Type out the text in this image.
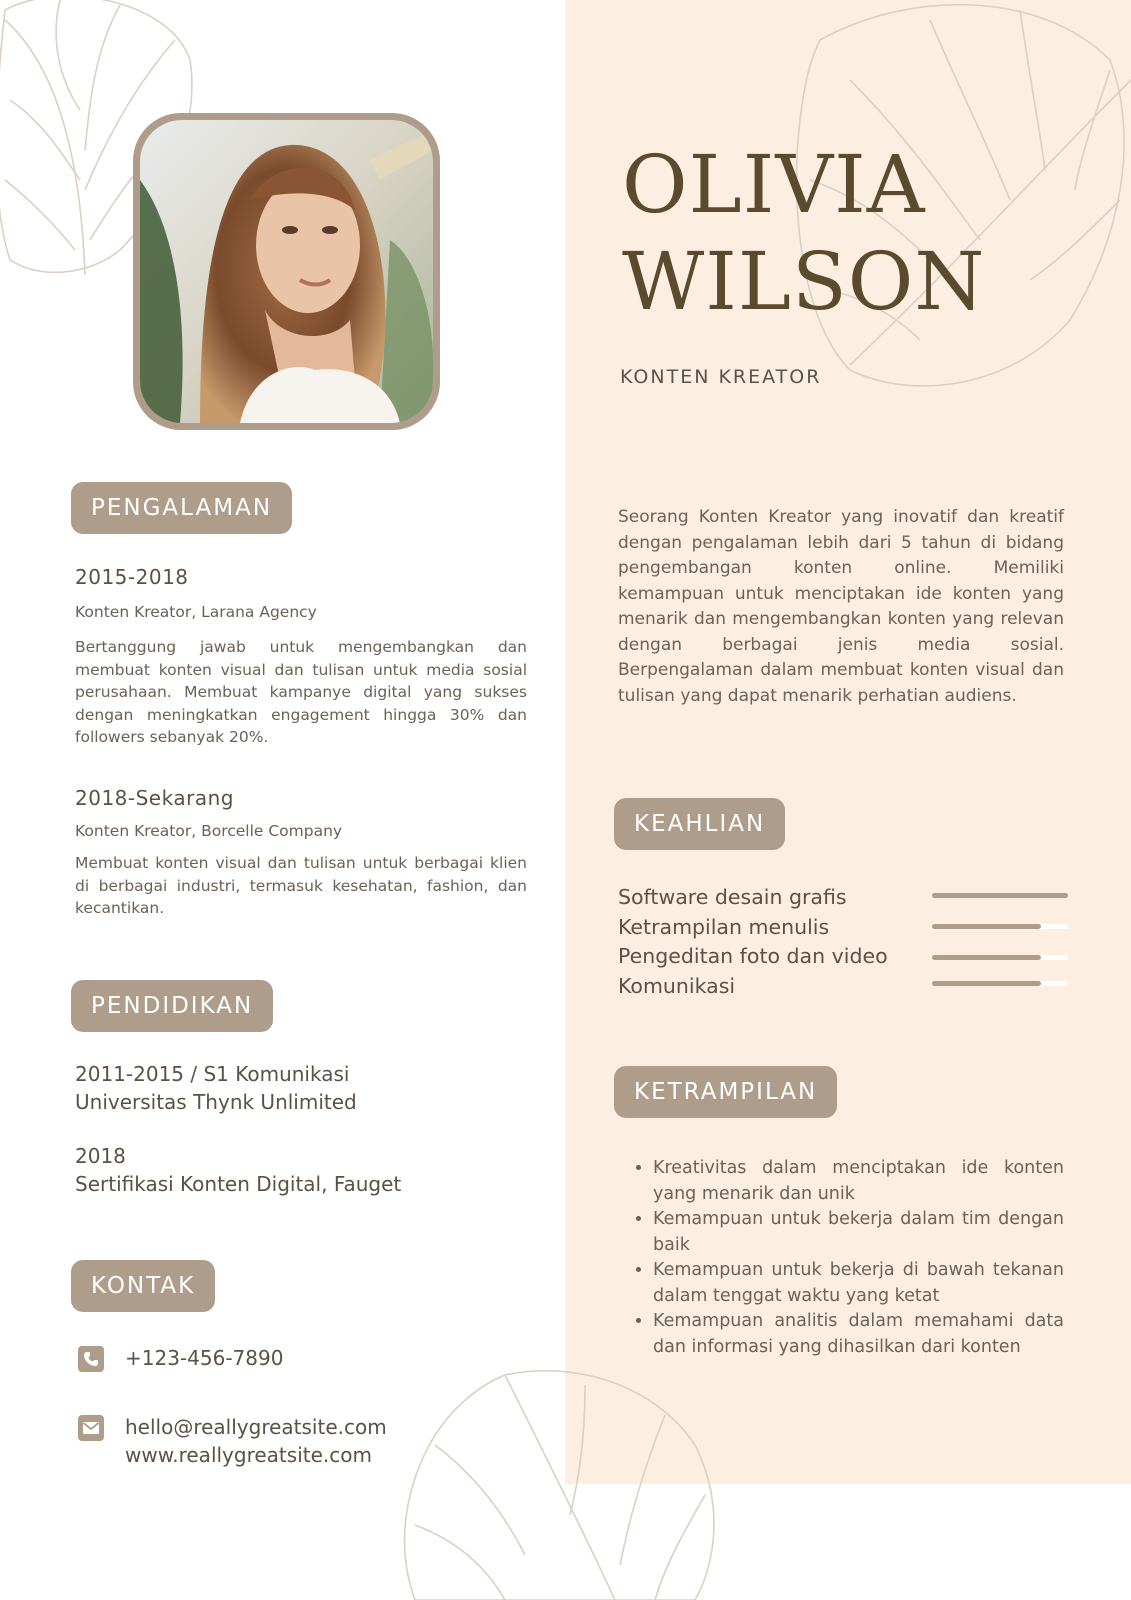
OLIVIA
WILSON
KONTEN KREATOR
Seorang Konten Kreator yang inovatif dan kreatif dengan pengalaman lebih dari 5 tahun di bidang pengembangan konten online. Memiliki kemampuan untuk menciptakan ide konten yang menarik dan mengembangkan konten yang relevan dengan berbagai jenis media sosial. Berpengalaman dalam membuat konten visual dan tulisan yang dapat menarik perhatian audiens.
PENGALAMAN
2015-2018
Konten Kreator, Larana Agency
Bertanggung jawab untuk mengembangkan dan membuat konten visual dan tulisan untuk media sosial perusahaan. Membuat kampanye digital yang sukses dengan meningkatkan engagement hingga 30% dan followers sebanyak 20%.
2018-Sekarang
Konten Kreator, Borcelle Company
Membuat konten visual dan tulisan untuk berbagai klien di berbagai industri, termasuk kesehatan, fashion, dan kecantikan.
PENDIDIKAN
2011-2015 / S1 Komunikasi
Universitas Thynk Unlimited
2018
Sertifikasi Konten Digital, Fauget
KONTAK
+123-456-7890
hello@reallygreatsite.com
www.reallygreatsite.com
KEAHLIAN
Software desain grafis
Ketrampilan menulis
Pengeditan foto dan video
Komunikasi
KETRAMPILAN
• Kreativitas dalam menciptakan ide konten yang menarik dan unik
• Kemampuan untuk bekerja dalam tim dengan baik
• Kemampuan untuk bekerja di bawah tekanan dalam tenggat waktu yang ketat
• Kemampuan analitis dalam memahami data dan informasi yang dihasilkan dari konten
